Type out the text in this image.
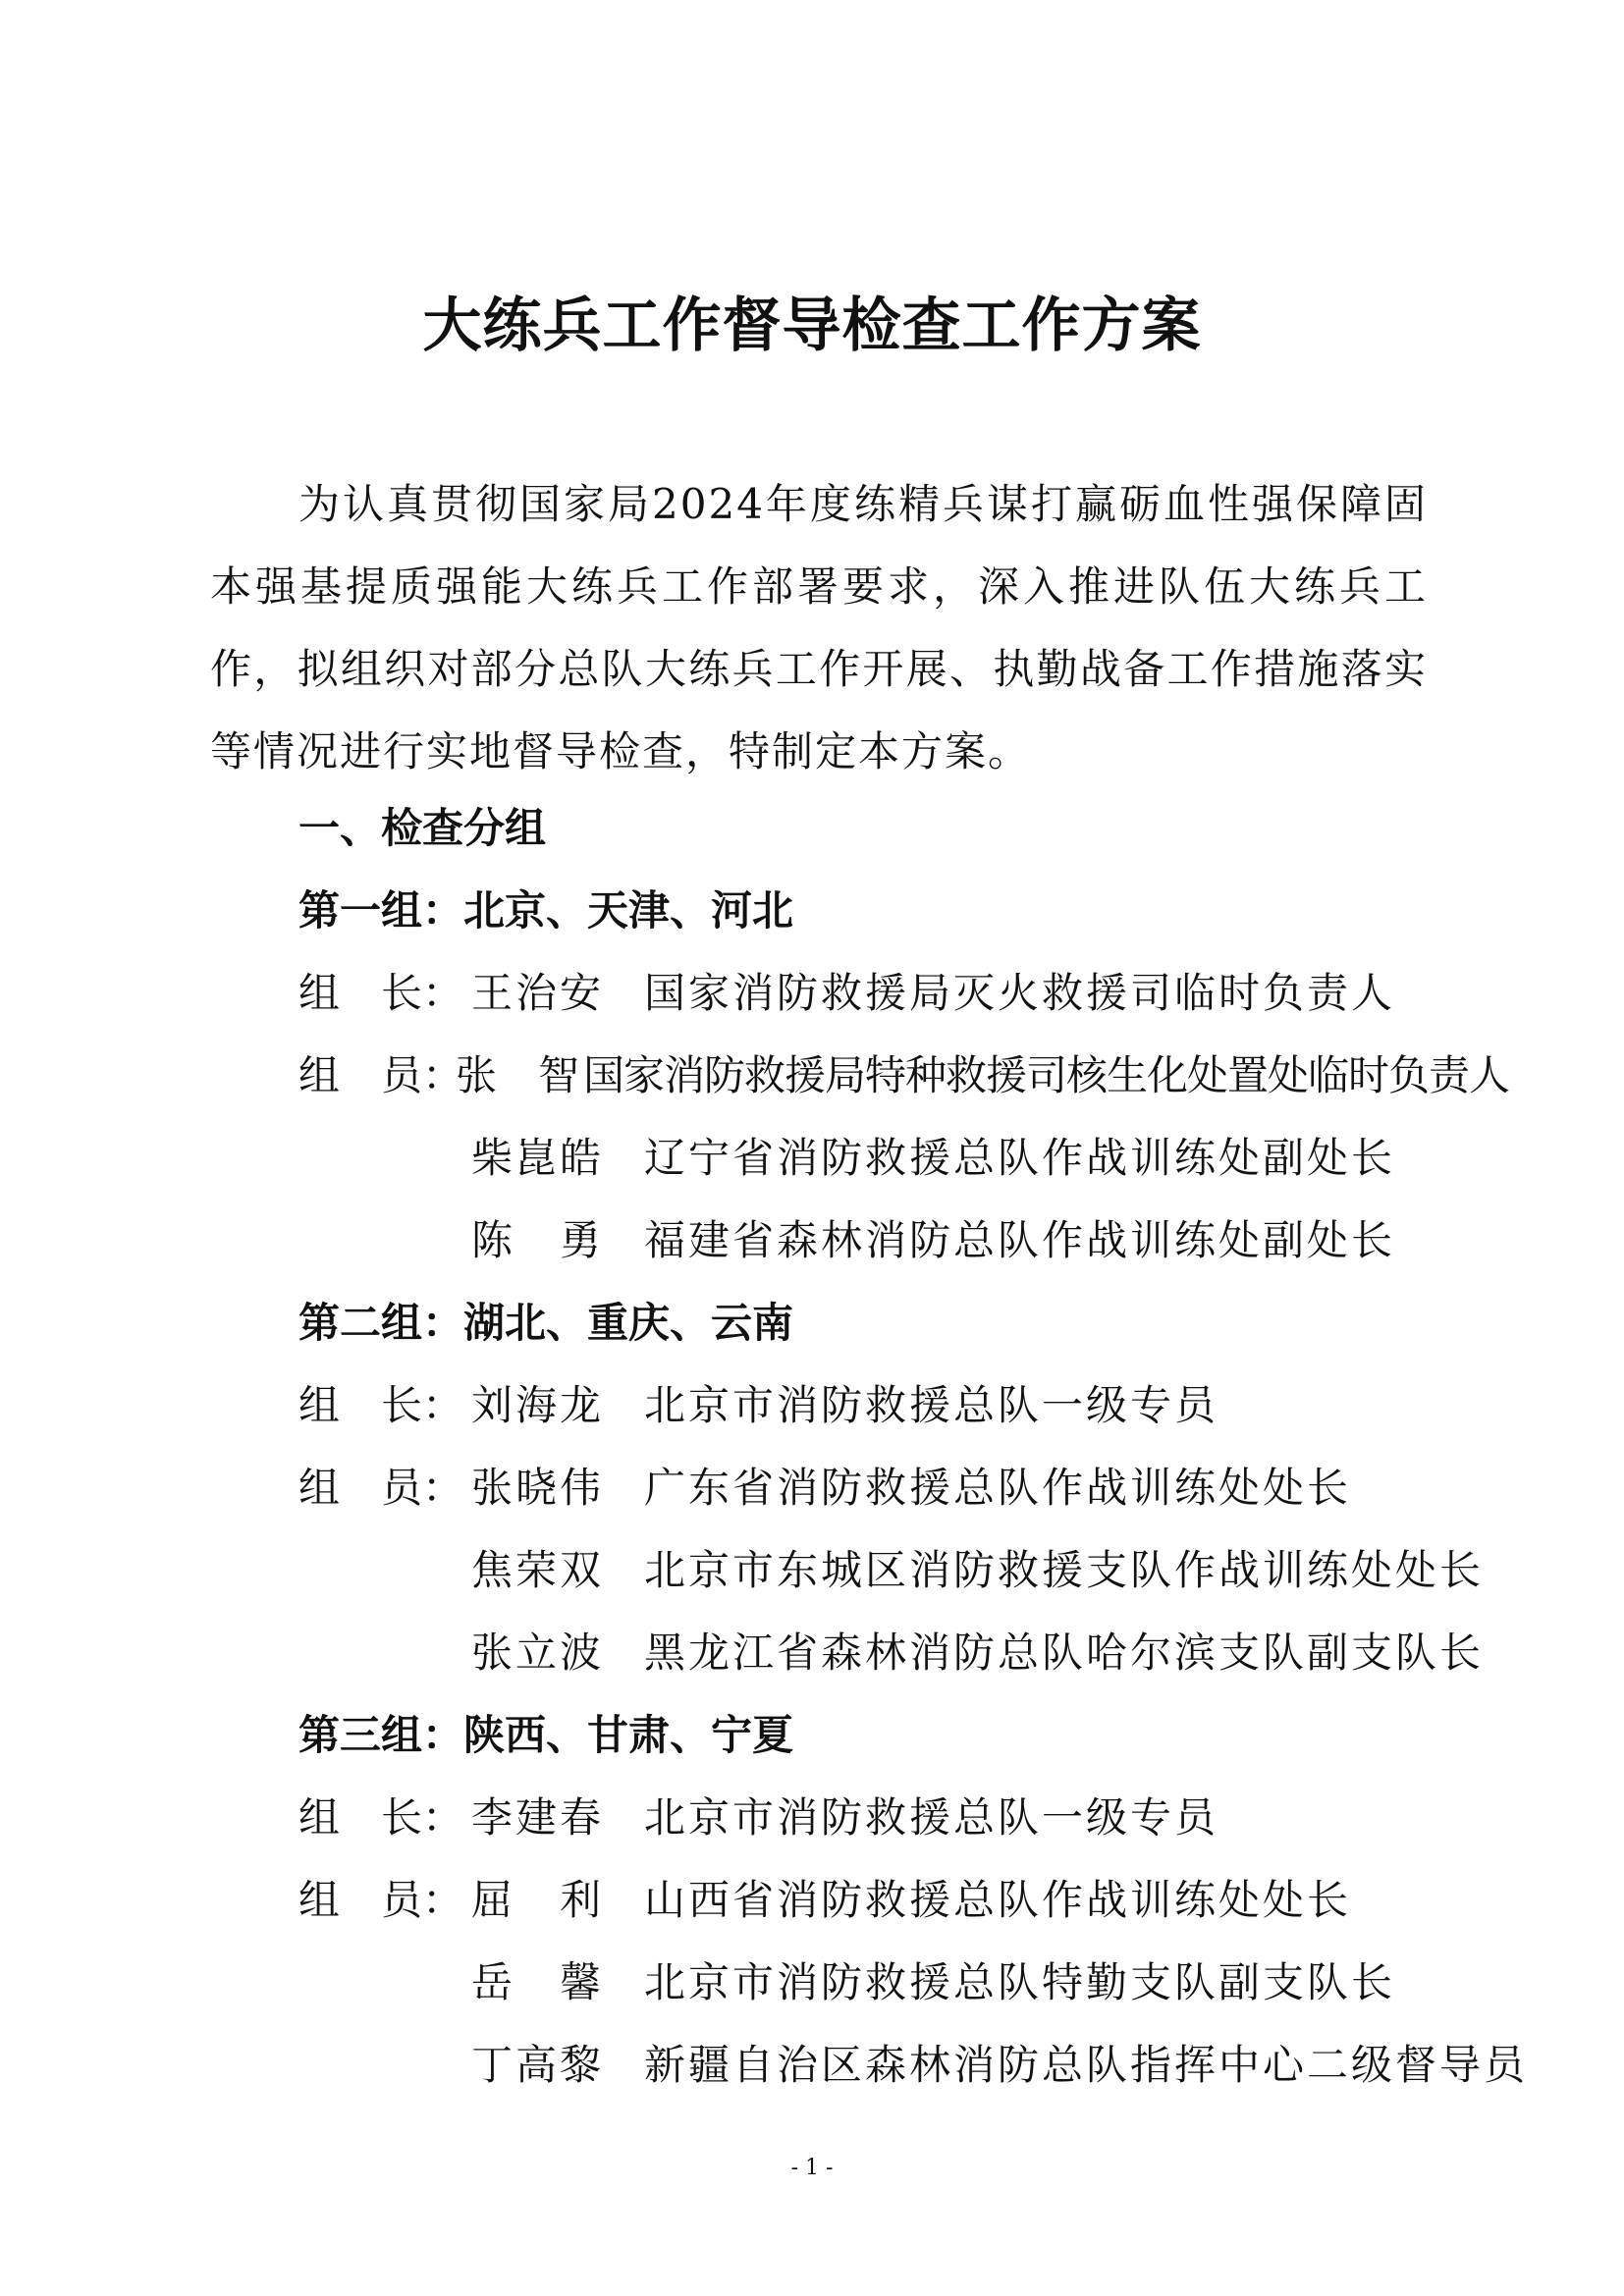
大练兵工作督导检查工作方案
为认真贯彻国家局2024年度练精兵谋打赢砺血性强保障固本强基提质强能大练兵工作部署要求，深入推进队伍大练兵工作，拟组织对部分总队大练兵工作开展、执勤战备工作措施落实等情况进行实地督导检查，特制定本方案。
一、检查分组
第一组：北京、天津、河北
组　长： 王治安 国家消防救援局灭火救援司临时负责人
组　员：
张　智 国家消防救援局特种救援司核生化处置处临时负责人
柴崑皓 辽宁省消防救援总队作战训练处副处长
陈　勇 福建省森林消防总队作战训练处副处长
第二组：湖北、重庆、云南
组　长： 刘海龙 北京市消防救援总队一级专员
组　员： 张晓伟 广东省消防救援总队作战训练处处长
焦荣双 北京市东城区消防救援支队作战训练处处长
张立波 黑龙江省森林消防总队哈尔滨支队副支队长
第三组：陕西、甘肃、宁夏
组　长： 李建春 北京市消防救援总队一级专员
组　员： 屈　利 山西省消防救援总队作战训练处处长
岳　馨 北京市消防救援总队特勤支队副支队长
丁高黎 新疆自治区森林消防总队指挥中心二级督导员
- 1 -
